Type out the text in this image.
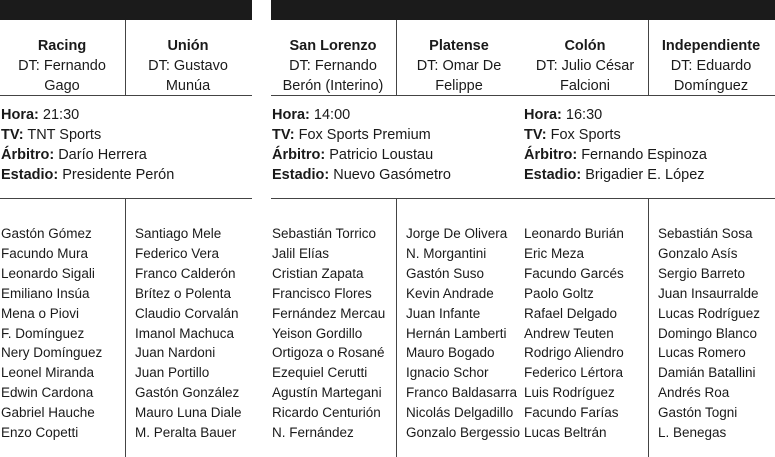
Racing
DT: Fernando Gago
Unión
DT: Gustavo Munúa
Hora: 21:30
TV: TNT Sports
Árbitro: Darío Herrera
Estadio: Presidente Perón
Gastón Gómez
Facundo Mura
Leonardo Sigali
Emiliano Insúa
Mena o Piovi
F. Domínguez
Nery Domínguez
Leonel Miranda
Edwin Cardona
Gabriel Hauche
Enzo Copetti
Santiago Mele
Federico Vera
Franco Calderón
Brítez o Polenta
Claudio Corvalán
Imanol Machuca
Juan Nardoni
Juan Portillo
Gastón González
Mauro Luna Diale
M. Peralta Bauer
San Lorenzo
DT: Fernando Berón (Interino)
Platense
DT: Omar De Felippe
Hora: 14:00
TV: Fox Sports Premium
Árbitro: Patricio Loustau
Estadio: Nuevo Gasómetro
Sebastián Torrico
Jalil Elías
Cristian Zapata
Francisco Flores
Fernández Mercau
Yeison Gordillo
Ortigoza o Rosané
Ezequiel Cerutti
Agustín Martegani
Ricardo Centurión
N. Fernández
Jorge De Olivera
N. Morgantini
Gastón Suso
Kevin Andrade
Juan Infante
Hernán Lamberti
Mauro Bogado
Ignacio Schor
Franco Baldasarra
Nicolás Delgadillo
Gonzalo Bergessio
Colón
DT: Julio César Falcioni
Independiente
DT: Eduardo Domínguez
Hora: 16:30
TV: Fox Sports
Árbitro: Fernando Espinoza
Estadio: Brigadier E. López
Leonardo Burián
Eric Meza
Facundo Garcés
Paolo Goltz
Rafael Delgado
Andrew Teuten
Rodrigo Aliendro
Federico Lértora
Luis Rodríguez
Facundo Farías
Lucas Beltrán
Sebastián Sosa
Gonzalo Asís
Sergio Barreto
Juan Insaurralde
Lucas Rodríguez
Domingo Blanco
Lucas Romero
Damián Batallini
Andrés Roa
Gastón Togni
L. Benegas
